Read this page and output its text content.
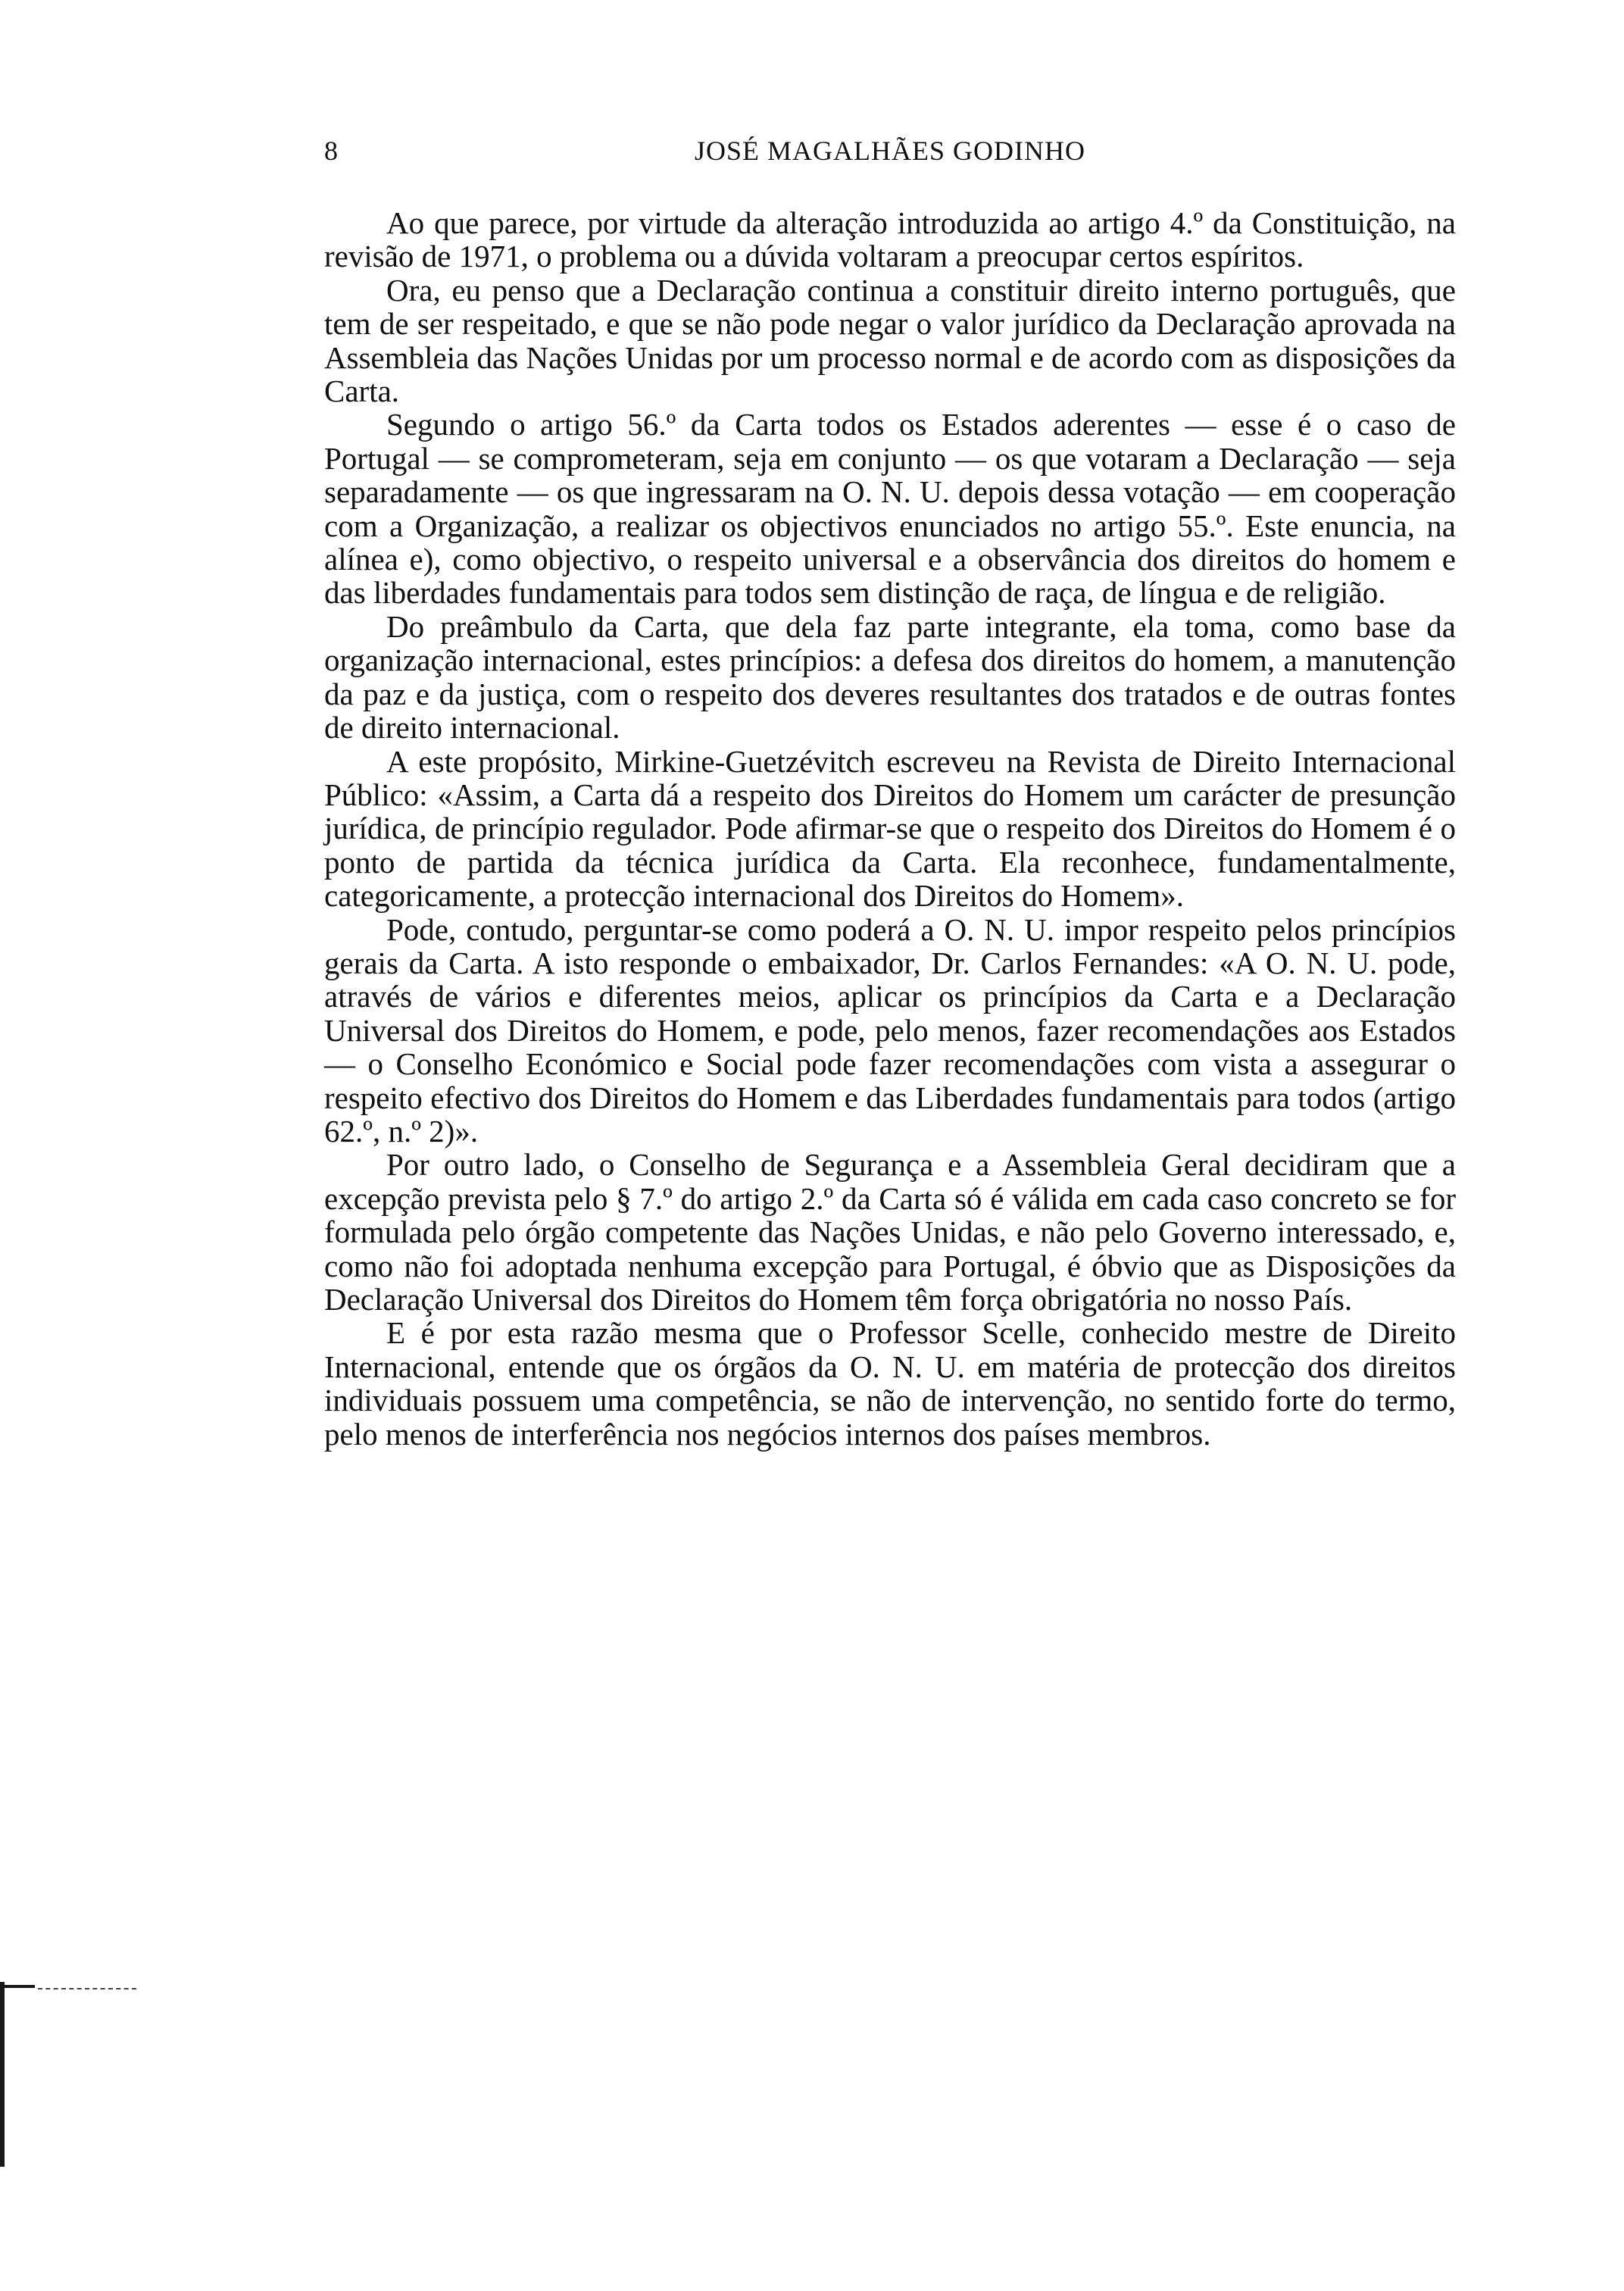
8	JOSÉ MAGALHÃES GODINHO

Ao que parece, por virtude da alteração introduzida ao artigo 4.º da Constituição, na revisão de 1971, o problema ou a dúvida voltaram a preocupar certos espíritos.

Ora, eu penso que a Declaração continua a constituir direito interno português, que tem de ser respeitado, e que se não pode negar o valor jurídico da Declaração aprovada na Assembleia das Nações Unidas por um processo normal e de acordo com as disposições da Carta.

Segundo o artigo 56.º da Carta todos os Estados aderentes — esse é o caso de Portugal — se comprometeram, seja em conjunto — os que votaram a Declaração — seja separadamente — os que ingressaram na O. N. U. depois dessa votação — em cooperação com a Organização, a realizar os objectivos enunciados no artigo 55.º. Este enuncia, na alínea e), como objectivo, o respeito universal e a observância dos direitos do homem e das liberdades fundamentais para todos sem distinção de raça, de língua e de religião.

Do preâmbulo da Carta, que dela faz parte integrante, ela toma, como base da organização internacional, estes princípios: a defesa dos direitos do homem, a manutenção da paz e da justiça, com o respeito dos deveres resultantes dos tratados e de outras fontes de direito internacional.

A este propósito, Mirkine-Guetzévitch escreveu na Revista de Direito Internacional Público: «Assim, a Carta dá a respeito dos Direitos do Homem um carácter de presunção jurídica, de princípio regulador. Pode afirmar-se que o respeito dos Direitos do Homem é o ponto de partida da técnica jurídica da Carta. Ela reconhece, fundamentalmente, categoricamente, a protecção internacional dos Direitos do Homem».

Pode, contudo, perguntar-se como poderá a O. N. U. impor respeito pelos princípios gerais da Carta. A isto responde o embaixador, Dr. Carlos Fernandes: «A O. N. U. pode, através de vários e diferentes meios, aplicar os princípios da Carta e a Declaração Universal dos Direitos do Homem, e pode, pelo menos, fazer recomendações aos Estados — o Conselho Económico e Social pode fazer recomendações com vista a assegurar o respeito efectivo dos Direitos do Homem e das Liberdades fundamentais para todos (artigo 62.º, n.º 2)».

Por outro lado, o Conselho de Segurança e a Assembleia Geral decidiram que a excepção prevista pelo § 7.º do artigo 2.º da Carta só é válida em cada caso concreto se for formulada pelo órgão competente das Nações Unidas, e não pelo Governo interessado, e, como não foi adoptada nenhuma excepção para Portugal, é óbvio que as Disposições da Declaração Universal dos Direitos do Homem têm força obrigatória no nosso País.

E é por esta razão mesma que o Professor Scelle, conhecido mestre de Direito Internacional, entende que os órgãos da O. N. U. em matéria de protecção dos direitos individuais possuem uma competência, se não de intervenção, no sentido forte do termo, pelo menos de interferência nos negócios internos dos países membros.
